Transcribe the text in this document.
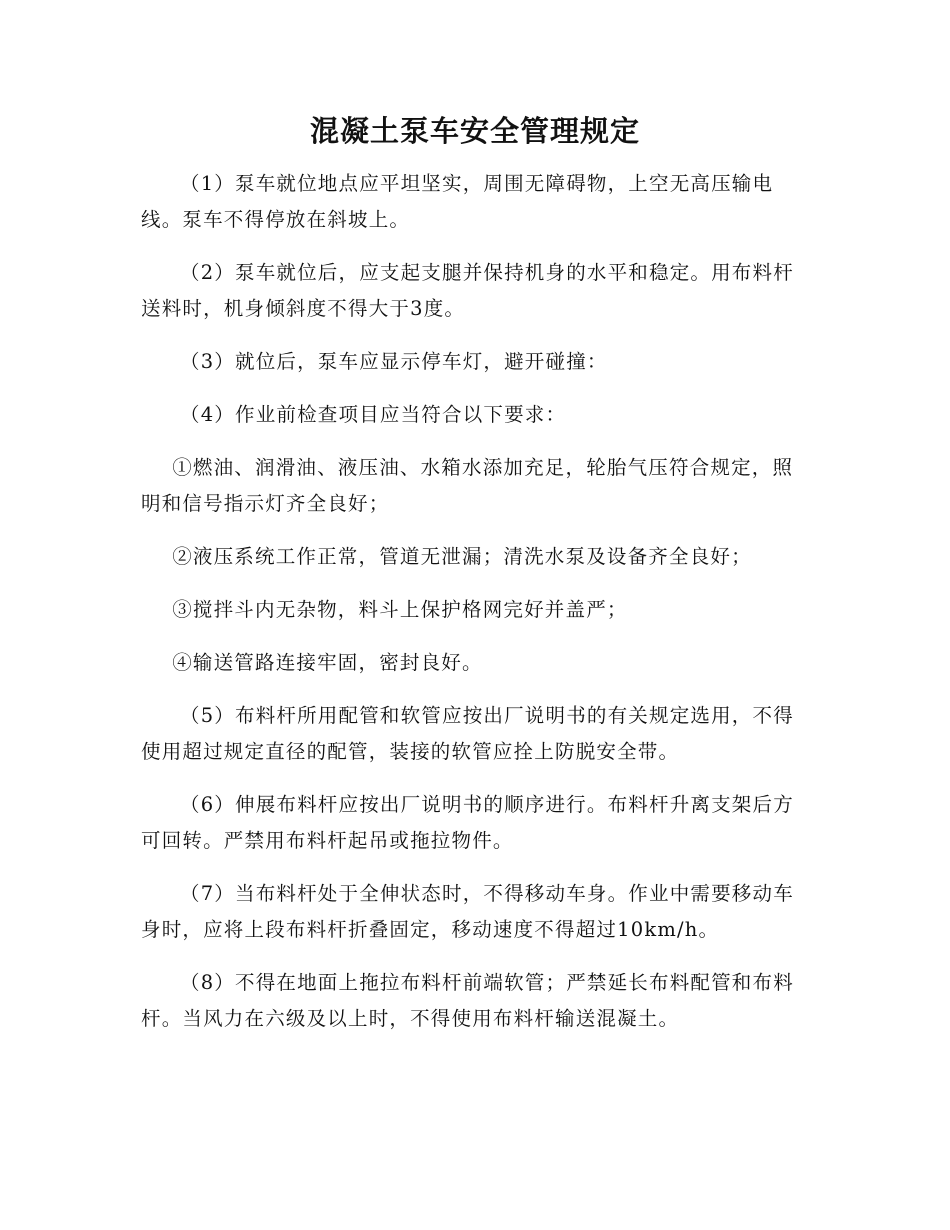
混凝土泵车安全管理规定

（1）泵车就位地点应平坦坚实，周围无障碍物，上空无高压输电线。泵车不得停放在斜坡上。

（2）泵车就位后，应支起支腿并保持机身的水平和稳定。用布料杆送料时，机身倾斜度不得大于3度。

（3）就位后，泵车应显示停车灯，避开碰撞：

（4）作业前检查项目应当符合以下要求：

①燃油、润滑油、液压油、水箱水添加充足，轮胎气压符合规定，照明和信号指示灯齐全良好；

②液压系统工作正常，管道无泄漏；清洗水泵及设备齐全良好；

③搅拌斗内无杂物，料斗上保护格网完好并盖严；

④输送管路连接牢固，密封良好。

（5）布料杆所用配管和软管应按出厂说明书的有关规定选用，不得使用超过规定直径的配管，装接的软管应拴上防脱安全带。

（6）伸展布料杆应按出厂说明书的顺序进行。布料杆升离支架后方可回转。严禁用布料杆起吊或拖拉物件。

（7）当布料杆处于全伸状态时，不得移动车身。作业中需要移动车身时，应将上段布料杆折叠固定，移动速度不得超过10km/h。

（8）不得在地面上拖拉布料杆前端软管；严禁延长布料配管和布料杆。当风力在六级及以上时，不得使用布料杆输送混凝土。
